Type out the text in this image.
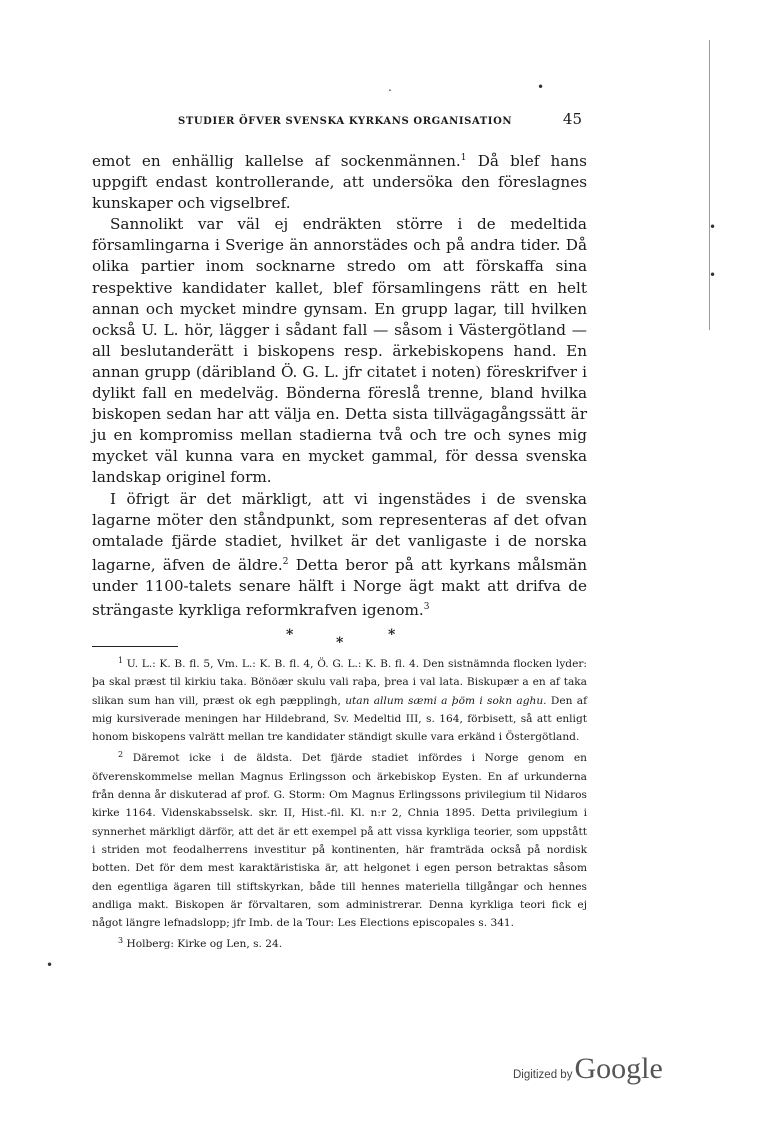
.	•
•
•
•
STUDIER ÖFVER SVENSKA KYRKANS ORGANISATION	45

emot en enhällig kallelse af sockenmännen.$^1$ Då blef hans uppgift endast kontrollerande, att undersöka den föreslagnes kunskaper och vigselbref.

Sannolikt var väl ej endräkten större i de medeltida församlingarna i Sverige än annorstädes och på andra tider. Då olika partier inom socknarne stredo om att förskaffa sina respektive kandidater kallet, blef församlingens rätt en helt annan och mycket mindre gynsam. En grupp lagar, till hvilken också U. L. hör, lägger i sådant fall — såsom i Västergötland — all beslutanderätt i biskopens resp. ärkebiskopens hand. En annan grupp (däribland Ö. G. L. jfr citatet i noten) föreskrifver i dylikt fall en medelväg. Bönderna föreslå trenne, bland hvilka biskopen sedan har att välja en. Detta sista tillvägagångssätt är ju en kompromiss mellan stadierna två och tre och synes mig mycket väl kunna vara en mycket gammal, för dessa svenska landskap originel form.

I öfrigt är det märkligt, att vi ingenstädes i de svenska lagarne möter den ståndpunkt, som representeras af det ofvan omtalade fjärde stadiet, hvilket är det vanligaste i de norska lagarne, äfven de äldre.$^2$ Detta beror på att kyrkans målsmän under 1100-talets senare hälft i Norge ägt makt att drifva de strängaste kyrkliga reformkrafven igenom.$^3$

*	*	*

$^1$ U. L.: K. B. fl. 5, Vm. L.: K. B. fl. 4, Ö. G. L.: K. B. fl. 4. Den sistnämnda flocken lyder: þa skal præst til kirkiu taka. Bönöær skulu vali raþa, þrea i val lata. Biskupær a en af taka slikan sum han vill, præst ok egh pæpplingh, utan allum sæmi a þöm i sokn aghu. Den af mig kursiverade meningen har Hildebrand, Sv. Medeltid III, s. 164, förbisett, så att enligt honom biskopens valrätt mellan tre kandidater ständigt skulle vara erkänd i Östergötland.

$^2$ Däremot icke i de äldsta. Det fjärde stadiet infördes i Norge genom en öfverenskommelse mellan Magnus Erlingsson och ärkebiskop Eysten. En af urkunderna från denna år diskuterad af prof. G. Storm: Om Magnus Erlingssons privilegium til Nidaros kirke 1164. Videnskabsselsk. skr. II, Hist.-fil. Kl. n:r 2, Chnia 1895. Detta privilegium i synnerhet märkligt därför, att det är ett exempel på att vissa kyrkliga teorier, som uppstått i striden mot feodalherrens investitur på kontinenten, här framträda också på nordisk botten. Det för dem mest karaktäristiska är, att helgonet i egen person betraktas såsom den egentliga ägaren till stiftskyrkan, både till hennes materiella tillgångar och hennes andliga makt. Biskopen är förvaltaren, som administrerar. Denna kyrkliga teori fick ej något längre lefnadslopp; jfr Imb. de la Tour: Les Elections episcopales s. 341.

$^3$ Holberg: Kirke og Len, s. 24.

Digitized by Google
